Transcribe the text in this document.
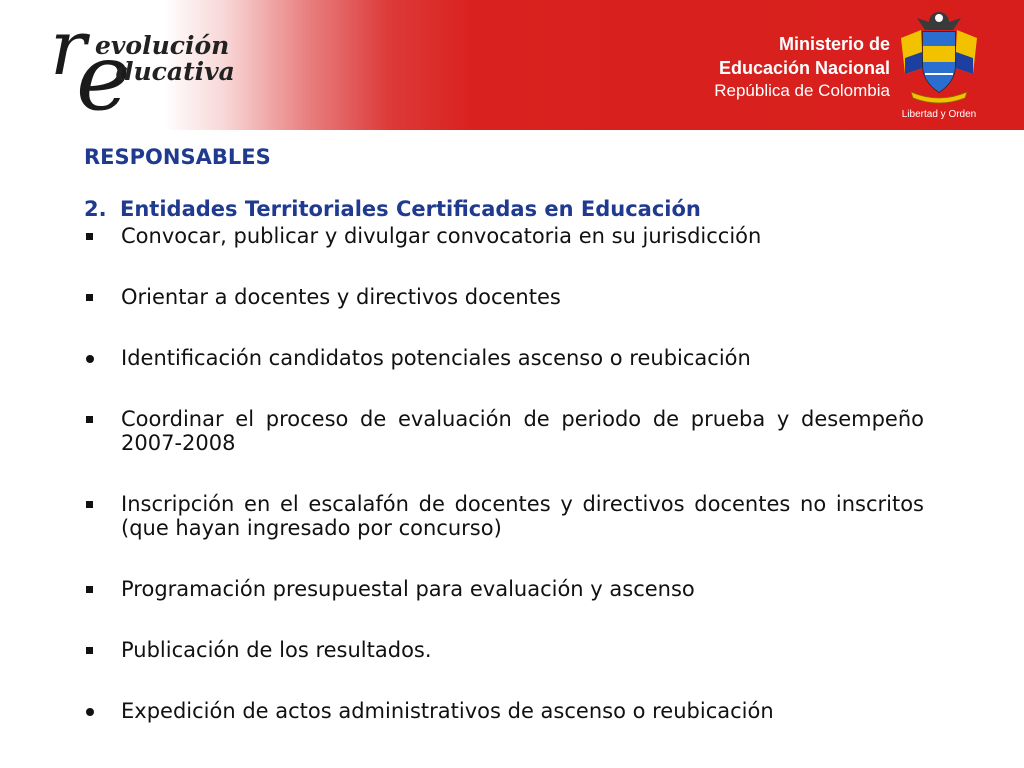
r
e
evolución
ducativa
Ministerio de
Educación Nacional
República de Colombia
Libertad y Orden
RESPONSABLES
2. Entidades Territoriales Certificadas en Educación
Convocar, publicar y divulgar convocatoria en su jurisdicción
Orientar a docentes y directivos docentes
Identificación candidatos potenciales ascenso o reubicación
Coordinar el proceso de evaluación de periodo de prueba y desempeño 2007-2008
Inscripción en el escalafón de docentes y directivos docentes no inscritos (que hayan ingresado por concurso)
Programación presupuestal para evaluación y ascenso
Publicación de los resultados.
Expedición de actos administrativos de ascenso o reubicación
